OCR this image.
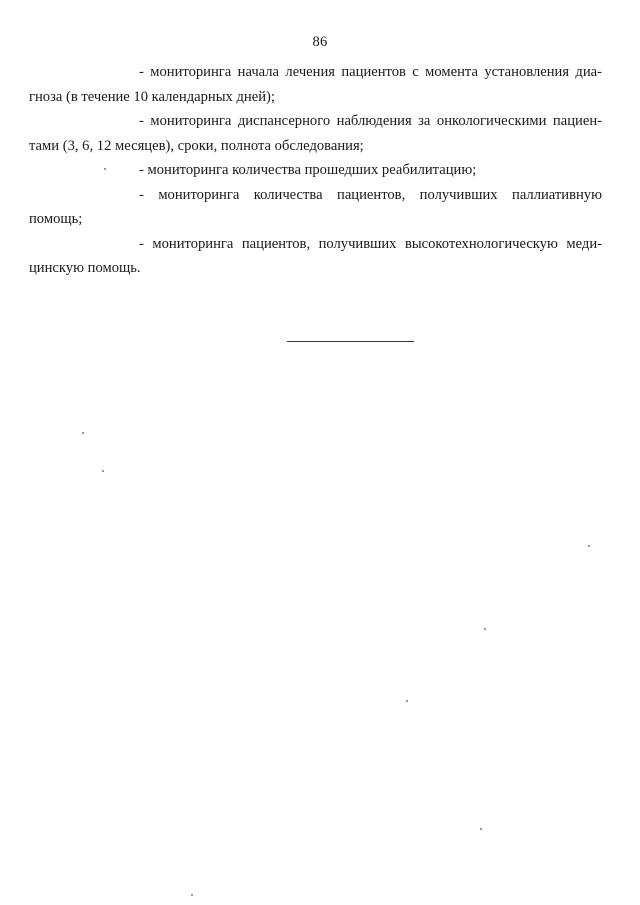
86

- мониторинга начала лечения пациентов с момента установления диа-
гноза (в течение 10 календарных дней);

- мониторинга диспансерного наблюдения за онкологическими пациен-
тами (3, 6, 12 месяцев), сроки, полнота обследования;

- мониторинга количества прошедших реабилитацию;

- мониторинга количества пациентов, получивших паллиативную
помощь;

- мониторинга пациентов, получивших высокотехнологическую меди-
цинскую помощь.
